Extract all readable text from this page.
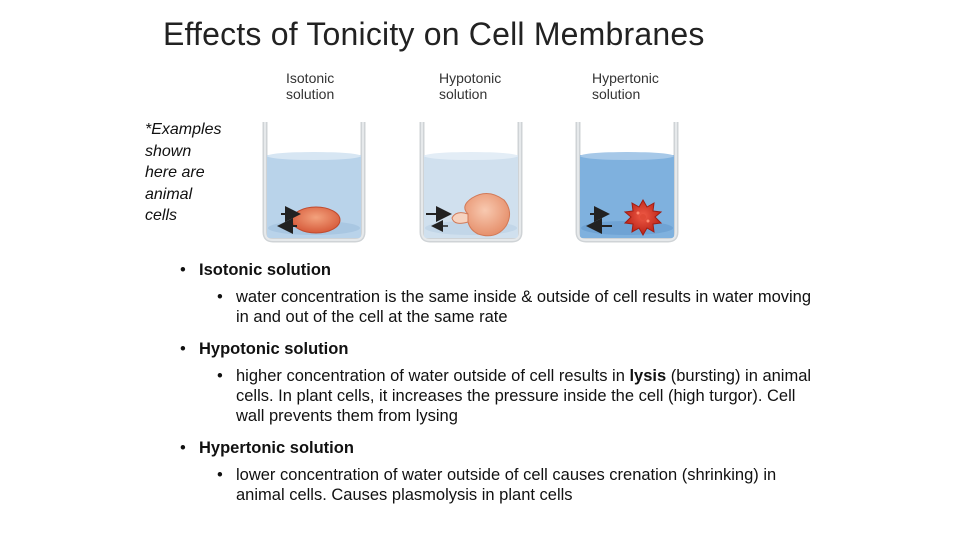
Effects of Tonicity on Cell Membranes
*Examples
shown
here are
animal
cells
Isotonic
solution
Hypotonic
solution
Hypertonic
solution
• Isotonic solution
• water concentration is the same inside & outside of cell results in water moving in and out of the cell at the same rate
• Hypotonic solution
• higher concentration of water outside of cell results in lysis (bursting) in animal cells. In plant cells, it increases the pressure inside the cell (high turgor). Cell wall prevents them from lysing
• Hypertonic solution
• lower concentration of water outside of cell causes crenation (shrinking) in animal cells. Causes plasmolysis in plant cells
